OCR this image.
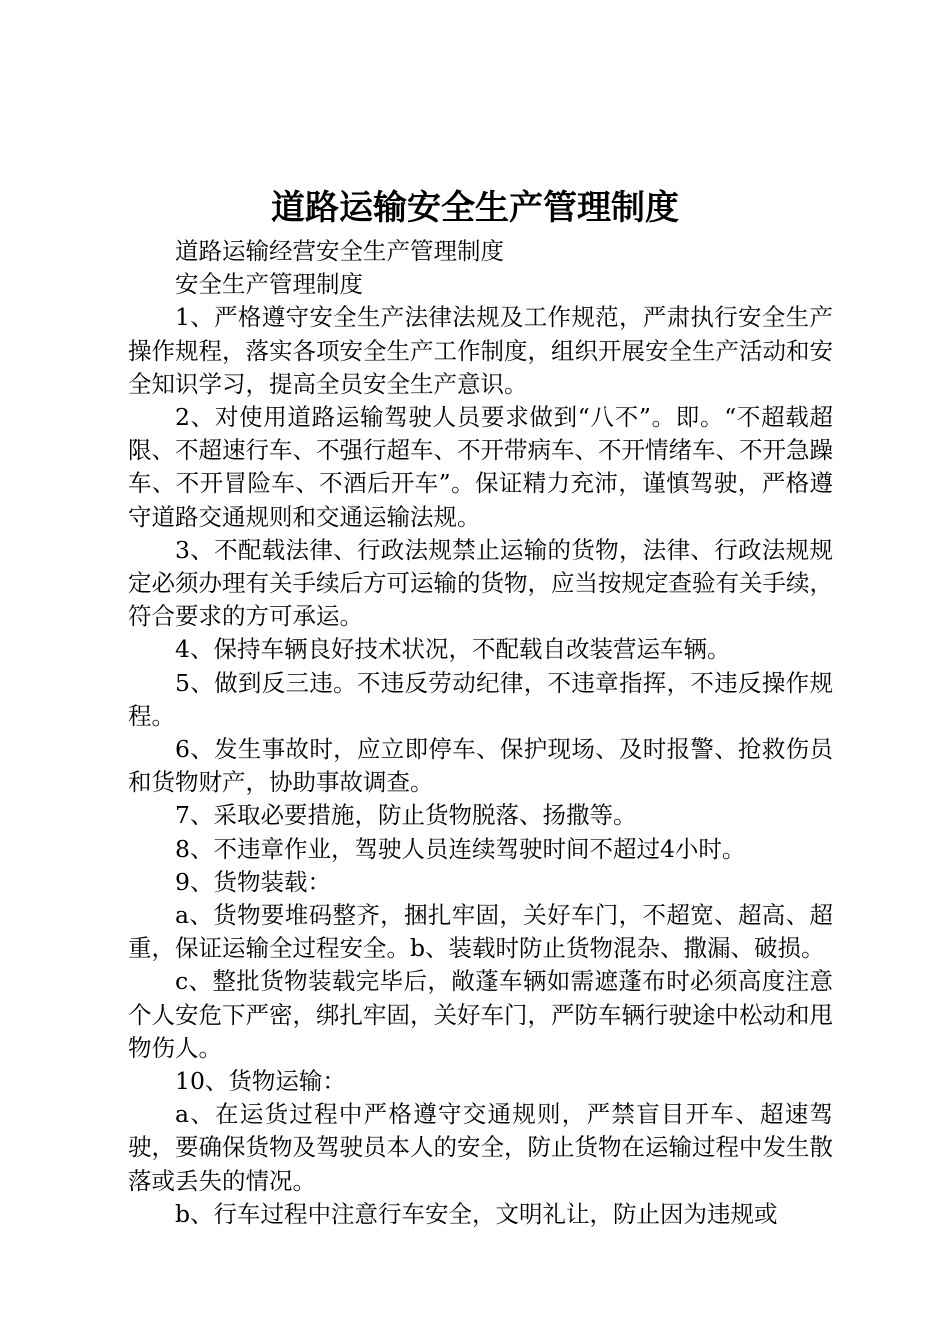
道路运输安全生产管理制度

道路运输经营安全生产管理制度

安全生产管理制度

1、严格遵守安全生产法律法规及工作规范，严肃执行安全生产操作规程，落实各项安全生产工作制度，组织开展安全生产活动和安全知识学习，提高全员安全生产意识。

2、对使用道路运输驾驶人员要求做到“八不”。即。“不超载超限、不超速行车、不强行超车、不开带病车、不开情绪车、不开急躁车、不开冒险车、不酒后开车”。保证精力充沛，谨慎驾驶，严格遵守道路交通规则和交通运输法规。

3、不配载法律、行政法规禁止运输的货物，法律、行政法规规定必须办理有关手续后方可运输的货物，应当按规定查验有关手续，符合要求的方可承运。

4、保持车辆良好技术状况，不配载自改装营运车辆。

5、做到反三违。不违反劳动纪律，不违章指挥，不违反操作规程。

6、发生事故时，应立即停车、保护现场、及时报警、抢救伤员和货物财产，协助事故调查。

7、采取必要措施，防止货物脱落、扬撒等。

8、不违章作业，驾驶人员连续驾驶时间不超过4小时。

9、货物装载：

a、货物要堆码整齐，捆扎牢固，关好车门，不超宽、超高、超重，保证运输全过程安全。b、装载时防止货物混杂、撒漏、破损。

c、整批货物装载完毕后，敞蓬车辆如需遮蓬布时必须高度注意个人安危下严密，绑扎牢固，关好车门，严防车辆行驶途中松动和甩物伤人。

10、货物运输：

a、在运货过程中严格遵守交通规则，严禁盲目开车、超速驾驶，要确保货物及驾驶员本人的安全，防止货物在运输过程中发生散落或丢失的情况。

b、行车过程中注意行车安全，文明礼让，防止因为违规或
